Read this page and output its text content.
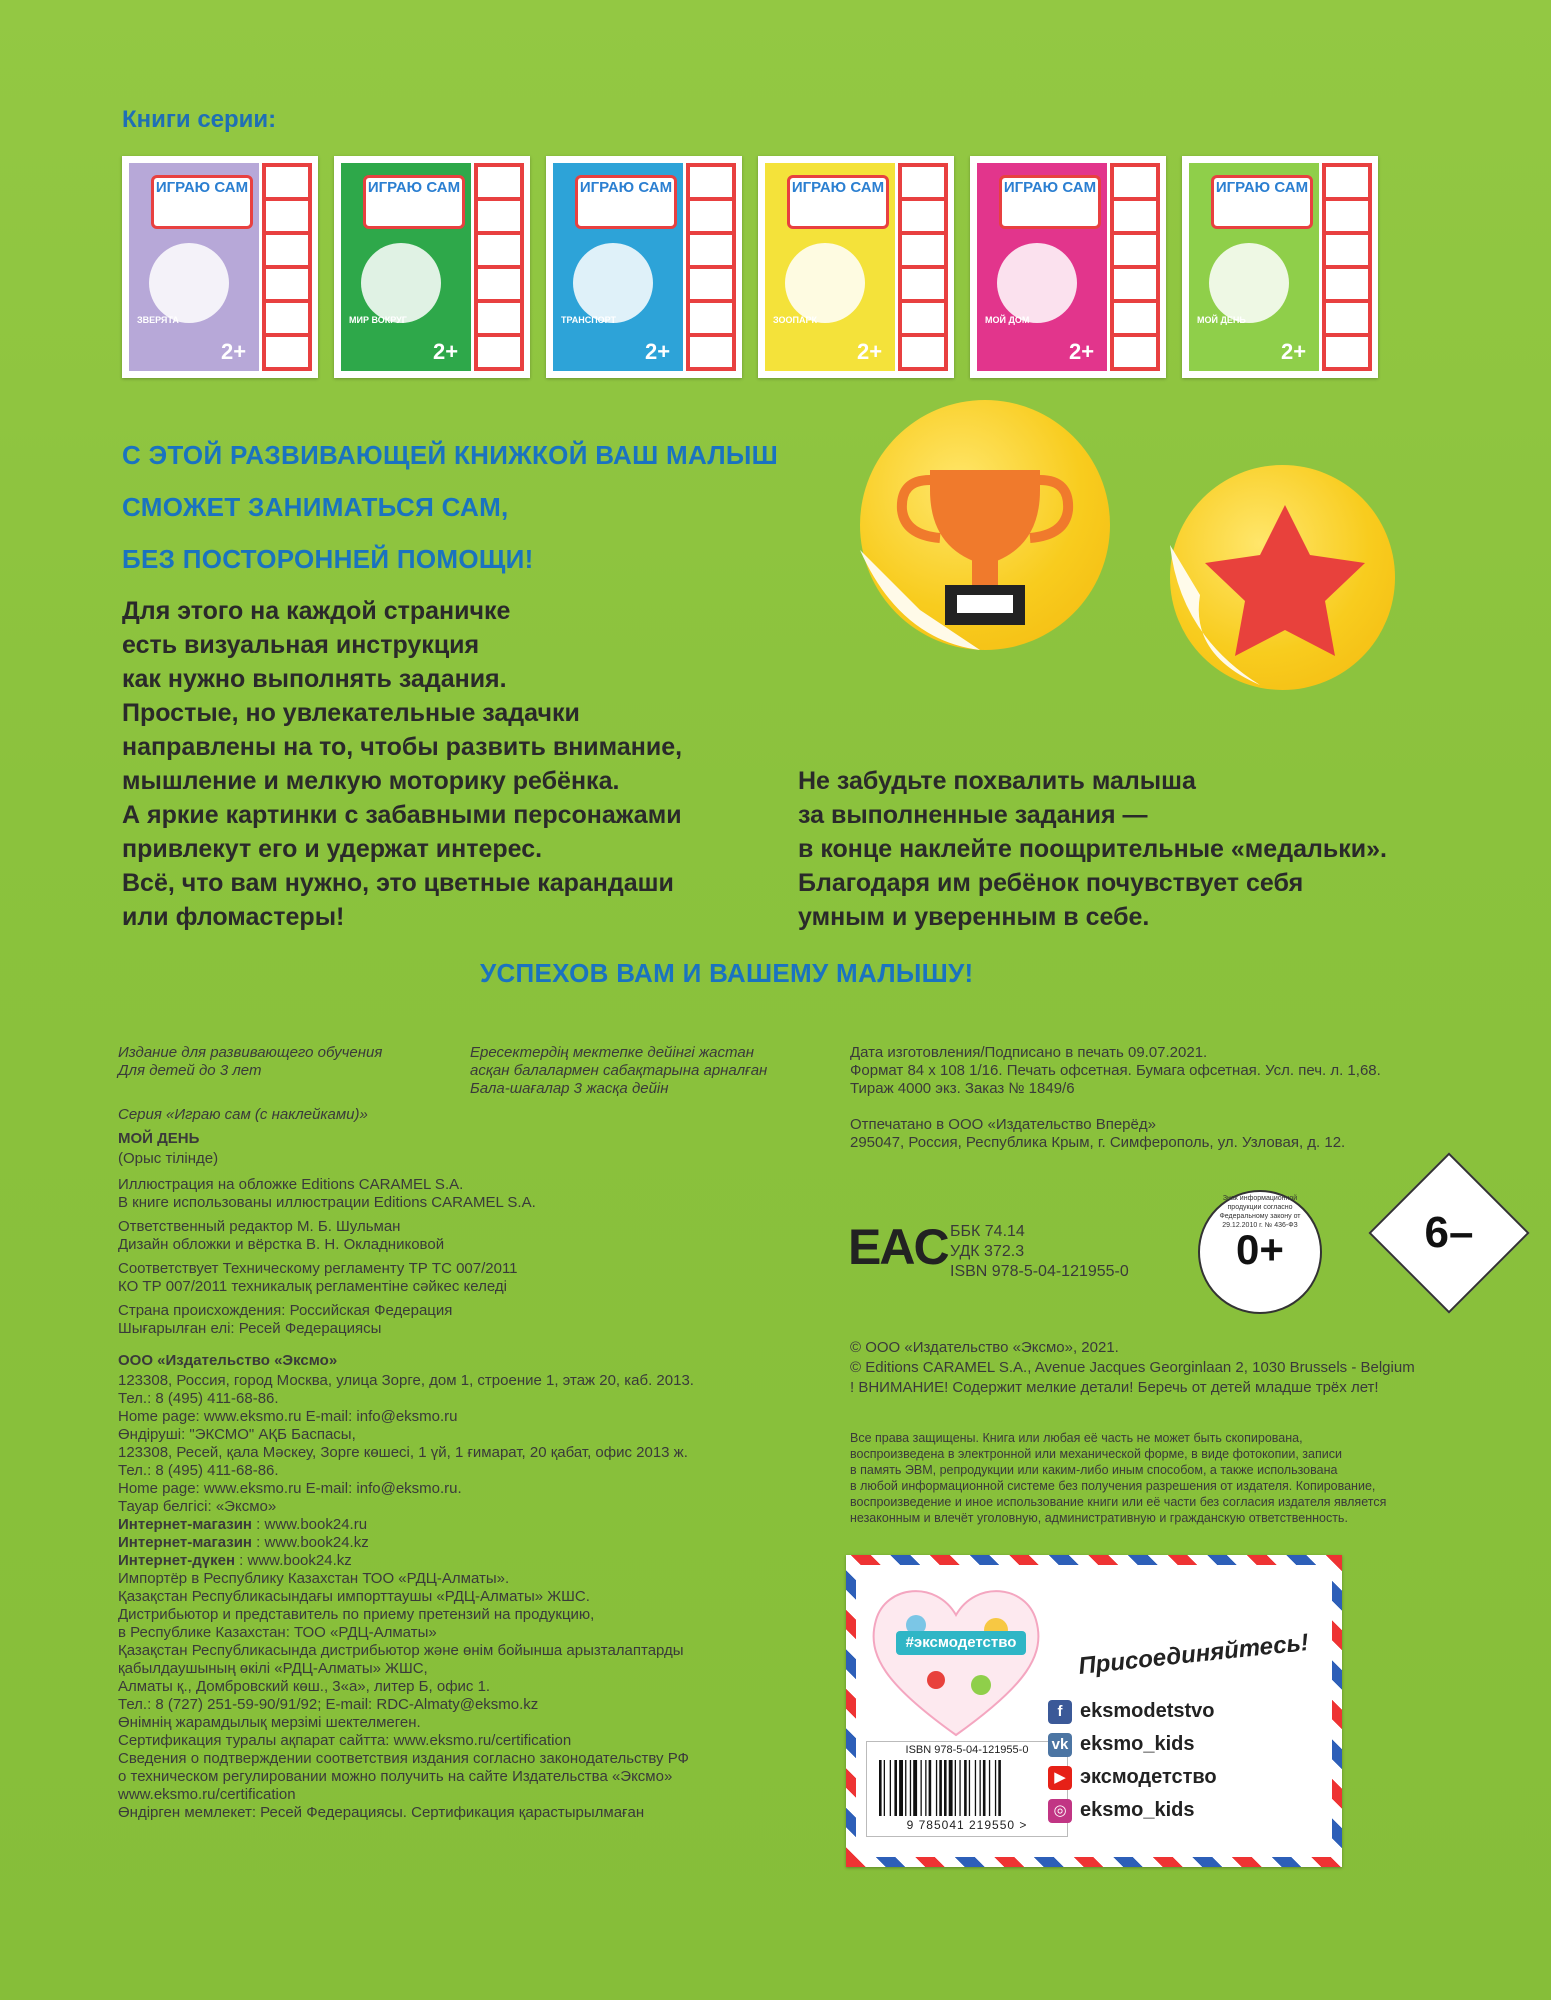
Книги серии:
ИГРАЮ САМ
ЗВЕРЯТА
2+
ИГРАЮ САМ
МИР ВОКРУГ
2+
ИГРАЮ САМ
ТРАНСПОРТ
2+
ИГРАЮ САМ
ЗООПАРК
2+
ИГРАЮ САМ
МОЙ ДОМ
2+
ИГРАЮ САМ
МОЙ ДЕНЬ
2+
С ЭТОЙ РАЗВИВАЮЩЕЙ КНИЖКОЙ ВАШ МАЛЫШ
СМОЖЕТ ЗАНИМАТЬСЯ САМ,
БЕЗ ПОСТОРОННЕЙ ПОМОЩИ!
Для этого на каждой страничке
есть визуальная инструкция
как нужно выполнять задания.
Простые, но увлекательные задачки
направлены на то, чтобы развить внимание,
мышление и мелкую моторику ребёнка.
А яркие картинки с забавными персонажами
привлекут его и удержат интерес.
Всё, что вам нужно, это цветные карандаши
или фломастеры!
Не забудьте похвалить малыша
за выполненные задания —
в конце наклейте поощрительные «медальки».
Благодаря им ребёнок почувствует себя
умным и уверенным в себе.
УСПЕХОВ ВАМ И ВАШЕМУ МАЛЫШУ!
Издание для развивающего обучения
Для детей до 3 лет
Ересектердің мектепке дейінгі жастан
асқан балалармен сабақтарына арналған
Бала-шағалар 3 жасқа дейін
Дата изготовления/Подписано в печать 09.07.2021.
Формат 84 х 108 1/16. Печать офсетная. Бумага офсетная. Усл. печ. л. 1,68.
Тираж 4000 экз. Заказ № 1849/6
Отпечатано в ООО «Издательство Вперёд»
295047, Россия, Республика Крым, г. Симферополь, ул. Узловая, д. 12.
Серия «Играю сам (с наклейками)»
МОЙ ДЕНЬ
(Орыс тілінде)
Иллюстрация на обложке Editions CARAMEL S.A.
В книге использованы иллюстрации Editions CARAMEL S.A.
Ответственный редактор М. Б. Шульман
Дизайн обложки и вёрстка В. Н. Окладниковой
Соответствует Техническому регламенту ТР ТС 007/2011
КО ТР 007/2011 техникалық регламентіне сәйкес келеді
Страна происхождения: Российская Федерация
Шығарылған елі: Ресей Федерациясы
ООО «Издательство «Эксмо»
123308, Россия, город Москва, улица Зорге, дом 1, строение 1, этаж 20, каб. 2013.
Тел.: 8 (495) 411-68-86.
Home page: www.eksmo.ru E-mail: info@eksmo.ru
Өндіруші: "ЭКСМО" АҚБ Баспасы,
123308, Ресей, қала Мәскеу, Зорге көшесі, 1 үй, 1 ғимарат, 20 қабат, офис 2013 ж.
Тел.: 8 (495) 411-68-86.
Home page: www.eksmo.ru E-mail: info@eksmo.ru.
Тауар белгісі: «Эксмо»
Интернет-магазин : www.book24.ru
Интернет-магазин : www.book24.kz
Интернет-дүкен : www.book24.kz
Импортёр в Республику Казахстан ТОО «РДЦ-Алматы».
Қазақстан Республикасындағы импорттаушы «РДЦ-Алматы» ЖШС.
Дистрибьютор и представитель по приему претензий на продукцию,
в Республике Казахстан: ТОО «РДЦ-Алматы»
Қазақстан Республикасында дистрибьютор және өнім бойынша арызталаптарды
қабылдаушының өкілі «РДЦ-Алматы» ЖШС,
Алматы қ., Домбровский көш., 3«а», литер Б, офис 1.
Тел.: 8 (727) 251-59-90/91/92; E-mail: RDC-Almaty@eksmo.kz
Өнімнің жарамдылық мерзімі шектелмеген.
Сертификация туралы ақпарат сайтта: www.eksmo.ru/certification
Сведения о подтверждении соответствия издания согласно законодательству РФ
о техническом регулировании можно получить на сайте Издательства «Эксмо»
www.eksmo.ru/certification
Өндірген мемлекет: Ресей Федерациясы. Сертификация қарастырылмаған
EAC ББК 74.14
УДК 372.3
ISBN 978-5-04-121955-0	0+
Знак информационной продукции согласно Федеральному закону от 29.12.2010 г. № 436-ФЗ	6–
© ООО «Издательство «Эксмо», 2021.
© Editions CARAMEL S.A., Avenue Jacques Georginlaan 2, 1030 Brussels - Belgium
! ВНИМАНИЕ! Содержит мелкие детали! Беречь от детей младше трёх лет!
Все права защищены. Книга или любая её часть не может быть скопирована,
воспроизведена в электронной или механической форме, в виде фотокопии, записи
в память ЭВМ, репродукции или каким-либо иным способом, а также использована
в любой информационной системе без получения разрешения от издателя. Копирование,
воспроизведение и иное использование книги или её части без согласия издателя является
незаконным и влечёт уголовную, административную и гражданскую ответственность.
#эксмодетство	Присоединяйтесь!
ISBN 978-5-04-121955-0
9 785041 219550 >
f eksmodetstvo
vk eksmo_kids
▶ эксмодетство
◎ eksmo_kids
